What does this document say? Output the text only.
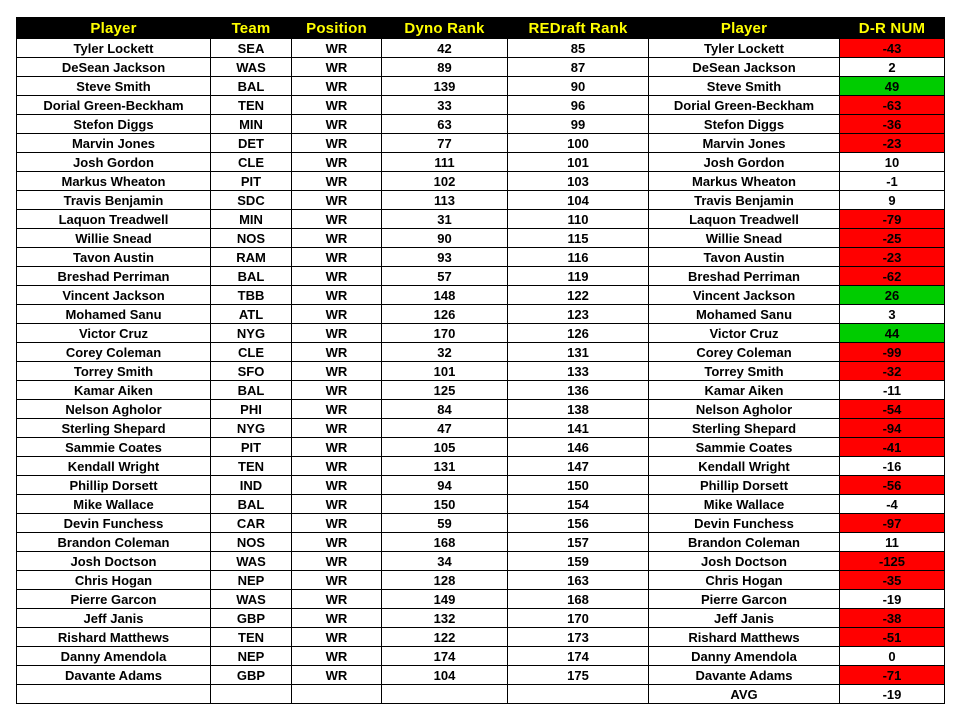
Player	Team	Position	Dyno Rank	REDraft Rank	Player	D-R NUM
Tyler Lockett	SEA	WR	42	85	Tyler Lockett	-43
DeSean Jackson	WAS	WR	89	87	DeSean Jackson	2
Steve Smith	BAL	WR	139	90	Steve Smith	49
Dorial Green-Beckham	TEN	WR	33	96	Dorial Green-Beckham	-63
Stefon Diggs	MIN	WR	63	99	Stefon Diggs	-36
Marvin Jones	DET	WR	77	100	Marvin Jones	-23
Josh Gordon	CLE	WR	111	101	Josh Gordon	10
Markus Wheaton	PIT	WR	102	103	Markus Wheaton	-1
Travis Benjamin	SDC	WR	113	104	Travis Benjamin	9
Laquon Treadwell	MIN	WR	31	110	Laquon Treadwell	-79
Willie Snead	NOS	WR	90	115	Willie Snead	-25
Tavon Austin	RAM	WR	93	116	Tavon Austin	-23
Breshad Perriman	BAL	WR	57	119	Breshad Perriman	-62
Vincent Jackson	TBB	WR	148	122	Vincent Jackson	26
Mohamed Sanu	ATL	WR	126	123	Mohamed Sanu	3
Victor Cruz	NYG	WR	170	126	Victor Cruz	44
Corey Coleman	CLE	WR	32	131	Corey Coleman	-99
Torrey Smith	SFO	WR	101	133	Torrey Smith	-32
Kamar Aiken	BAL	WR	125	136	Kamar Aiken	-11
Nelson Agholor	PHI	WR	84	138	Nelson Agholor	-54
Sterling Shepard	NYG	WR	47	141	Sterling Shepard	-94
Sammie Coates	PIT	WR	105	146	Sammie Coates	-41
Kendall Wright	TEN	WR	131	147	Kendall Wright	-16
Phillip Dorsett	IND	WR	94	150	Phillip Dorsett	-56
Mike Wallace	BAL	WR	150	154	Mike Wallace	-4
Devin Funchess	CAR	WR	59	156	Devin Funchess	-97
Brandon Coleman	NOS	WR	168	157	Brandon Coleman	11
Josh Doctson	WAS	WR	34	159	Josh Doctson	-125
Chris Hogan	NEP	WR	128	163	Chris Hogan	-35
Pierre Garcon	WAS	WR	149	168	Pierre Garcon	-19
Jeff Janis	GBP	WR	132	170	Jeff Janis	-38
Rishard Matthews	TEN	WR	122	173	Rishard Matthews	-51
Danny Amendola	NEP	WR	174	174	Danny Amendola	0
Davante Adams	GBP	WR	104	175	Davante Adams	-71
					AVG	-19
